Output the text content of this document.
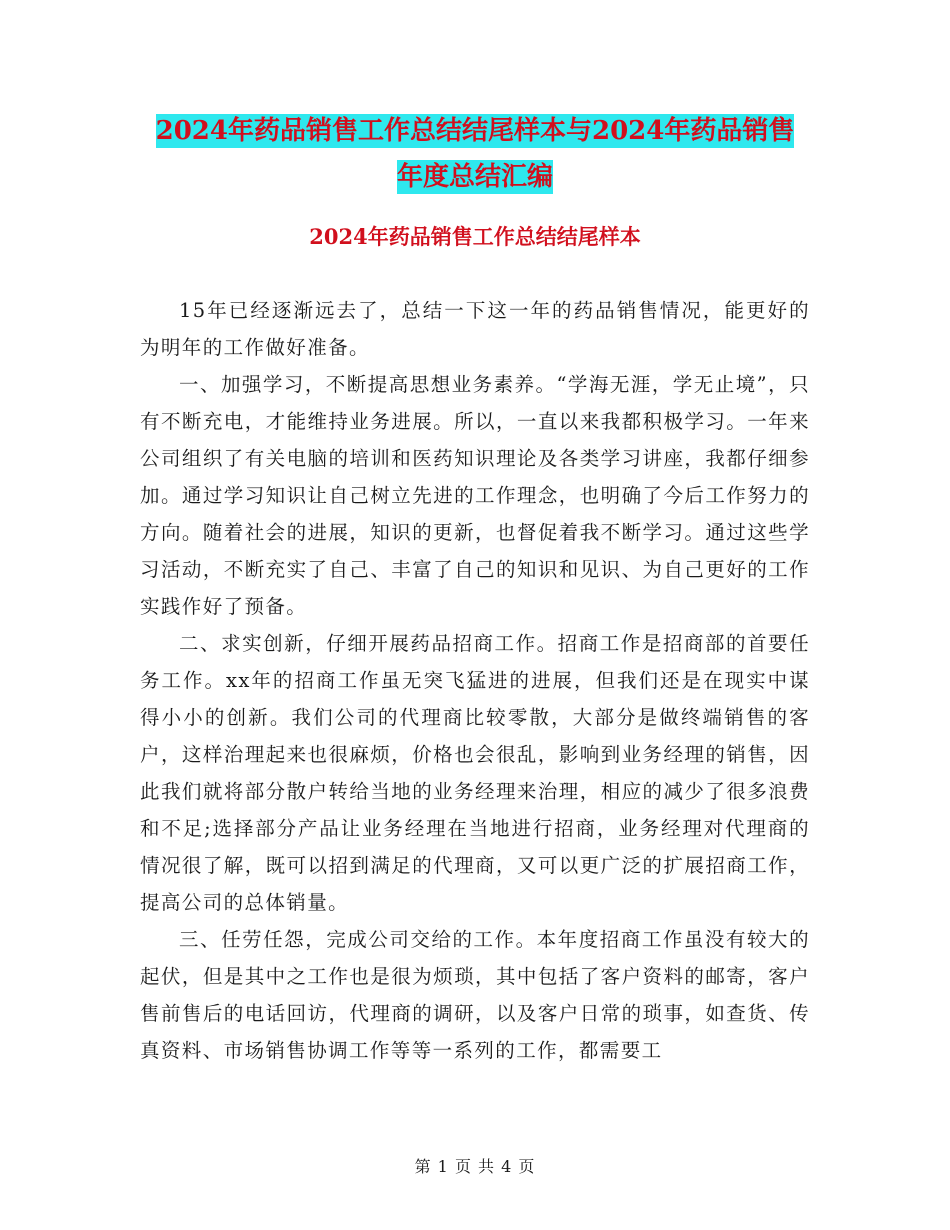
2024年药品销售工作总结结尾样本与2024年药品销售
年度总结汇编
2024年药品销售工作总结结尾样本

15年已经逐渐远去了，总结一下这一年的药品销售情况，能更好的为明年的工作做好准备。

一、加强学习，不断提高思想业务素养。“学海无涯，学无止境”，只有不断充电，才能维持业务进展。所以，一直以来我都积极学习。一年来公司组织了有关电脑的培训和医药知识理论及各类学习讲座，我都仔细参加。通过学习知识让自己树立先进的工作理念，也明确了今后工作努力的方向。随着社会的进展，知识的更新，也督促着我不断学习。通过这些学习活动，不断充实了自己、丰富了自己的知识和见识、为自己更好的工作实践作好了预备。

二、求实创新，仔细开展药品招商工作。招商工作是招商部的首要任务工作。xx年的招商工作虽无突飞猛进的进展，但我们还是在现实中谋得小小的创新。我们公司的代理商比较零散，大部分是做终端销售的客户，这样治理起来也很麻烦，价格也会很乱，影响到业务经理的销售，因此我们就将部分散户转给当地的业务经理来治理，相应的减少了很多浪费和不足;选择部分产品让业务经理在当地进行招商，业务经理对代理商的情况很了解，既可以招到满足的代理商，又可以更广泛的扩展招商工作，提高公司的总体销量。

三、任劳任怨，完成公司交给的工作。本年度招商工作虽没有较大的起伏，但是其中之工作也是很为烦琐，其中包括了客户资料的邮寄，客户售前售后的电话回访，代理商的调研，以及客户日常的琐事，如查货、传真资料、市场销售协调工作等等一系列的工作，都需要工

第 1 页 共 4 页
